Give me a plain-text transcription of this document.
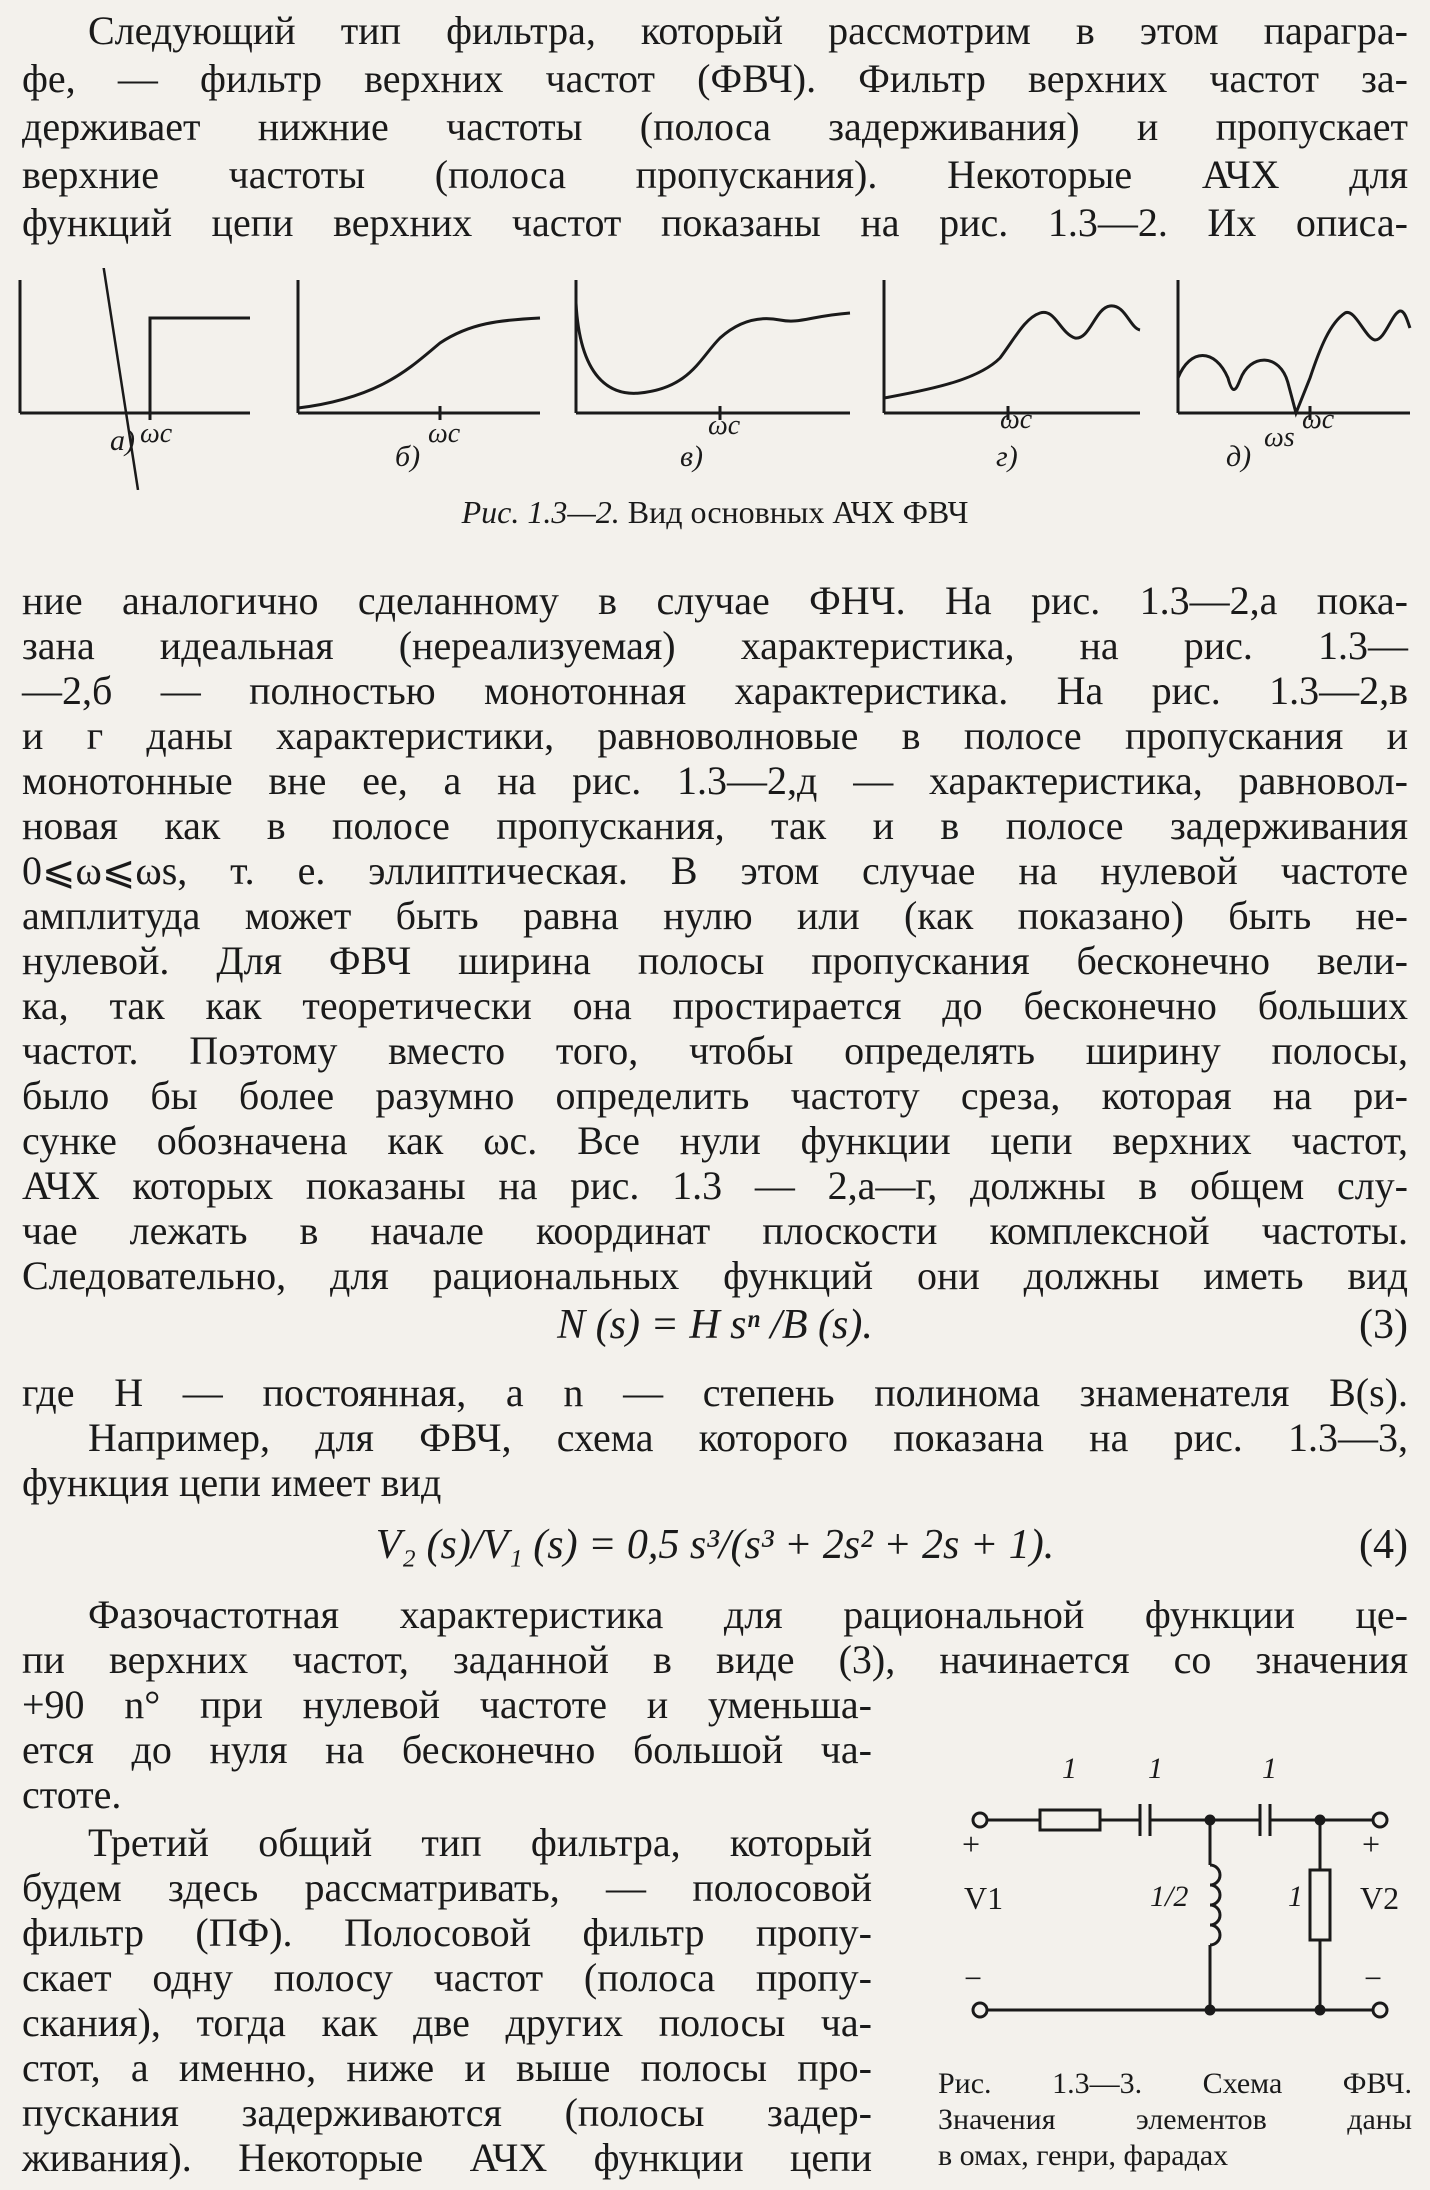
Следующий тип фильтра, который рассмотрим в этом парагра-
фе, — фильтр верхних частот (ФВЧ). Фильтр верхних частот за-
держивает нижние частоты (полоса задерживания) и пропускает
верхние частоты (полоса пропускания). Некоторые АЧХ для
функций цепи верхних частот показаны на рис. 1.3—2. Их описа-
а) ωc
б)
ωc
в)
ωc
г)
ωc
д)
ωs
ωc
Рис. 1.3—2. Вид основных АЧХ ФВЧ
ние аналогично сделанному в случае ФНЧ. На рис. 1.3—2,а пока-
зана идеальная (нереализуемая) характеристика, на рис. 1.3—
—2,б — полностью монотонная характеристика. На рис. 1.3—2,в
и г даны характеристики, равноволновые в полосе пропускания и
монотонные вне ее, а на рис. 1.3—2,д — характеристика, равновол-
новая как в полосе пропускания, так и в полосе задерживания
0⩽ω⩽ωs, т. е. эллиптическая. В этом случае на нулевой частоте
амплитуда может быть равна нулю или (как показано) быть не-
нулевой. Для ФВЧ ширина полосы пропускания бесконечно вели-
ка, так как теоретически она простирается до бесконечно больших
частот. Поэтому вместо того, чтобы определять ширину полосы,
было бы более разумно определить частоту среза, которая на ри-
сунке обозначена как ωc. Все нули функции цепи верхних частот,
АЧХ которых показаны на рис. 1.3 — 2,а—г, должны в общем слу-
чае лежать в начале координат плоскости комплексной частоты.
Следовательно, для рациональных функций они должны иметь вид
N (s) = H sⁿ /B (s).	(3)
где H — постоянная, а n — степень полинома знаменателя B(s).
Например, для ФВЧ, схема которого показана на рис. 1.3—3,
функция цепи имеет вид
V₂ (s)/V₁ (s) = 0,5 s³/(s³ + 2s² + 2s + 1).	(4)
Фазочастотная характеристика для рациональной функции це-
пи верхних частот, заданной в виде (3), начинается со значения
+90 n° при нулевой частоте и уменьша-
ется до нуля на бесконечно большой ча-
стоте.
Третий общий тип фильтра, который
будем здесь рассматривать, — полосовой
фильтр (ПФ). Полосовой фильтр пропу-
скает одну полосу частот (полоса пропу-
скания), тогда как две других полосы ча-
стот, а именно, ниже и выше полосы про-
пускания задерживаются (полосы задер-
живания). Некоторые АЧХ функции цепи
1 1	1
1/2	1
V1	V2
+	+
−	−
Рис. 1.3—3. Схема ФВЧ.
Значения элементов даны
в омах, генри, фарадах
